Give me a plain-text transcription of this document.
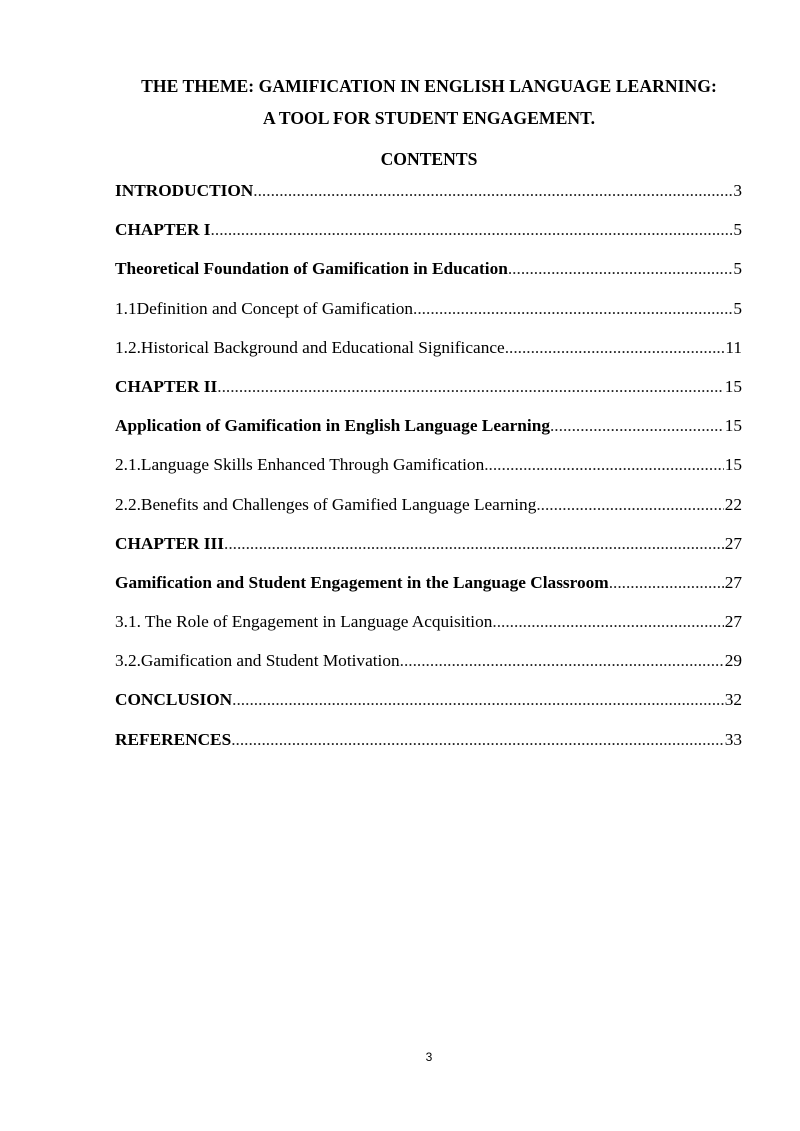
THE THEME: GAMIFICATION IN ENGLISH LANGUAGE LEARNING:
A TOOL FOR STUDENT ENGAGEMENT.
CONTENTS
INTRODUCTION .....	3
CHAPTER I .....	5
Theoretical Foundation of Gamification in Education .....	5
1.1Definition and Concept of Gamification .....	5
1.2.Historical Background and Educational Significance .....	11
CHAPTER II .....	15
Application of Gamification in English Language Learning .....	15
2.1.Language Skills Enhanced Through Gamification .....	15
2.2.Benefits and Challenges of Gamified Language Learning .....	22
CHAPTER III .....	27
Gamification and Student Engagement in the Language Classroom .....	27
3.1. The Role of Engagement in Language Acquisition .....	27
3.2.Gamification and Student Motivation .....	29
CONCLUSION .....	32
REFERENCES .....	33
3
